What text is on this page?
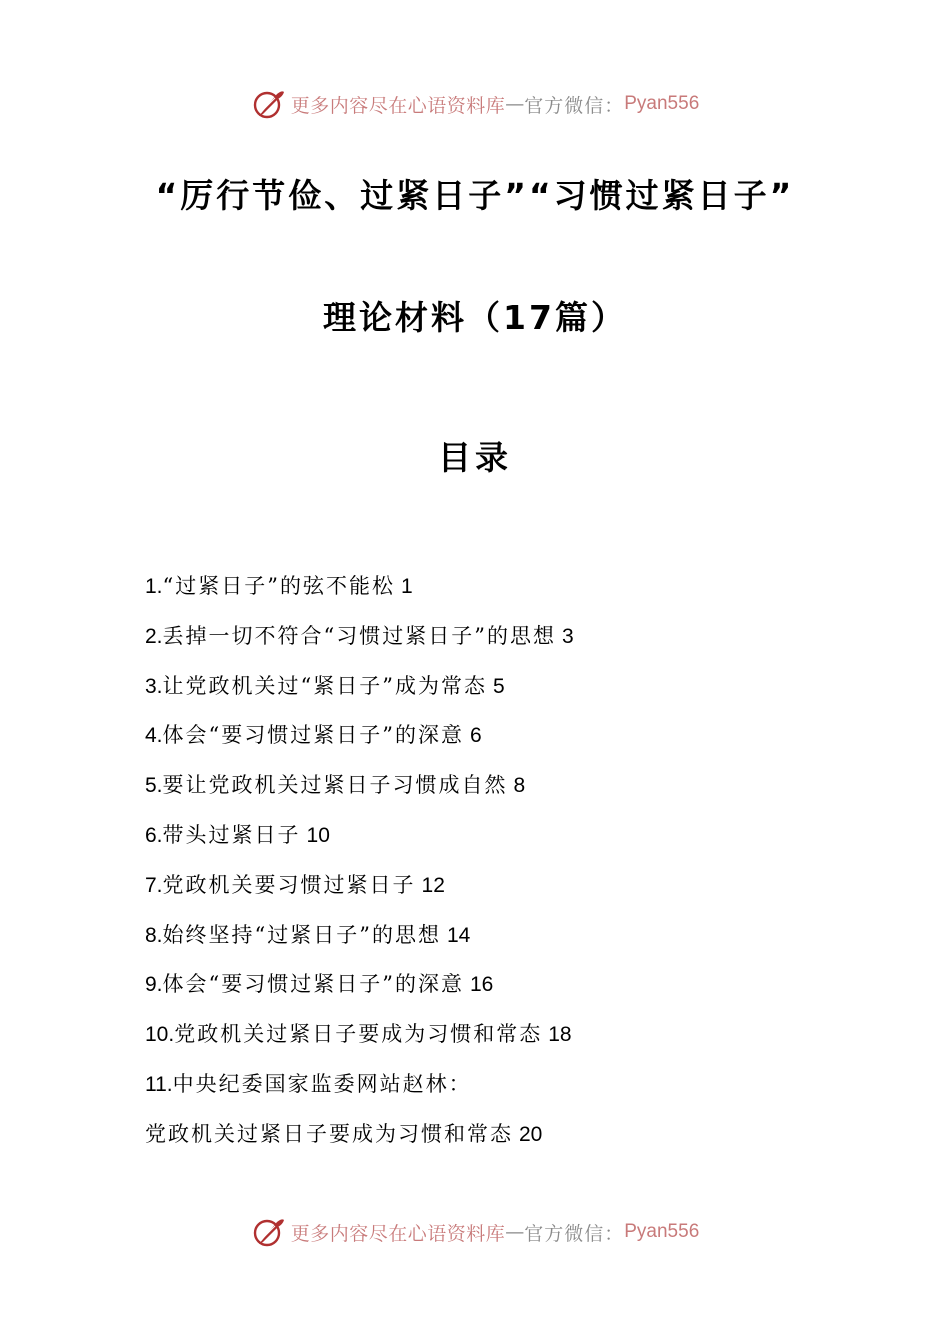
更多内容尽在心语资料库 — 官方微信： Pyan556
“厉行节俭、过紧日子”“习惯过紧日子”
理论材料（17篇）
目录
1.“过紧日子”的弦不能松 1
2.丢掉一切不符合“习惯过紧日子”的思想 3
3.让党政机关过“紧日子”成为常态 5
4.体会“要习惯过紧日子”的深意 6
5.要让党政机关过紧日子习惯成自然 8
6.带头过紧日子 10
7.党政机关要习惯过紧日子 12
8.始终坚持“过紧日子”的思想 14
9.体会“要习惯过紧日子”的深意 16
10.党政机关过紧日子要成为习惯和常态 18
11.中央纪委国家监委网站赵林：
党政机关过紧日子要成为习惯和常态 20
更多内容尽在心语资料库 — 官方微信： Pyan556
